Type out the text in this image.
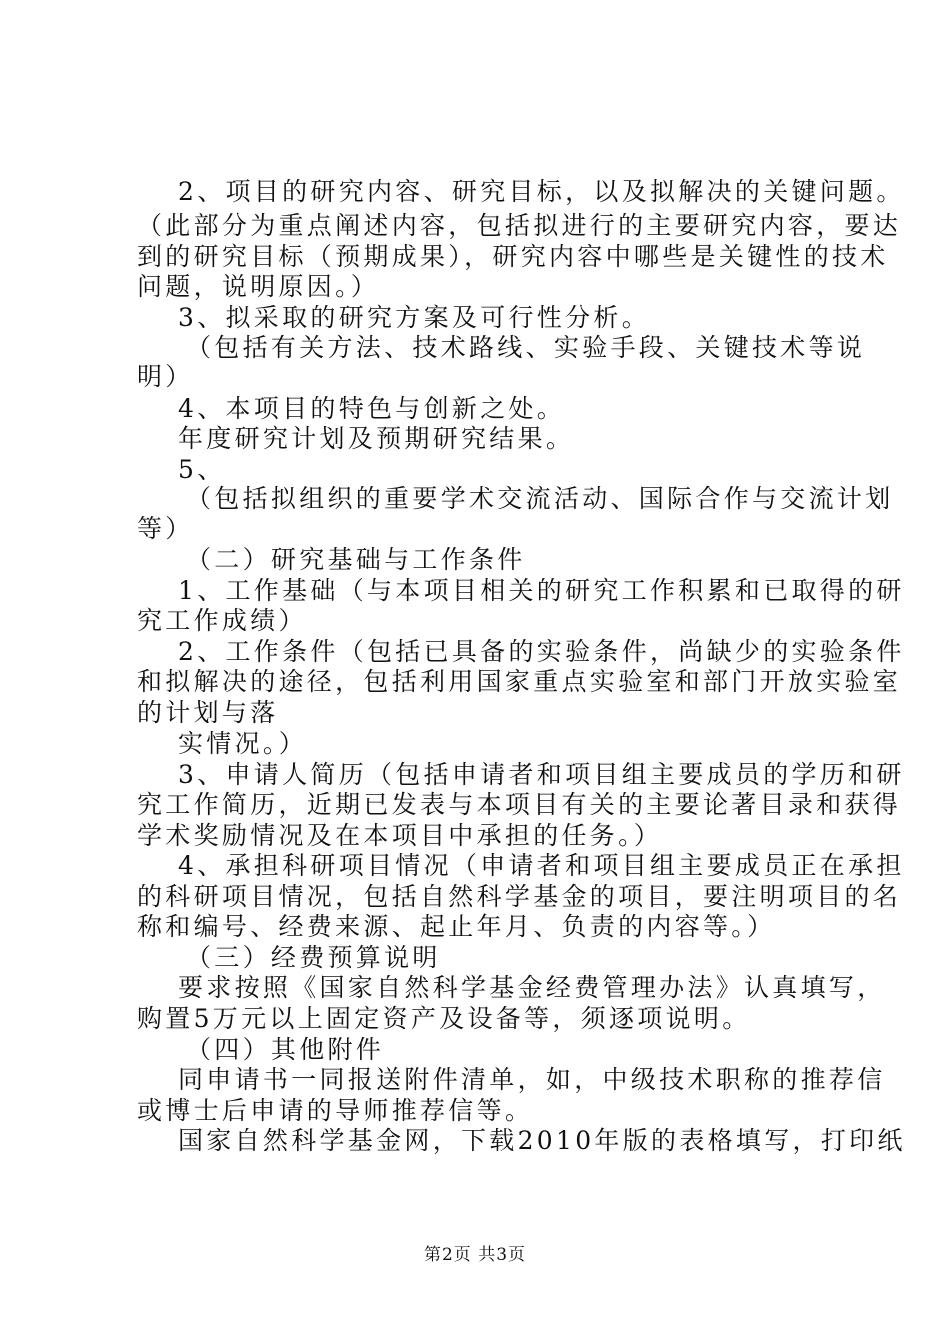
2、项目的研究内容、研究目标，以及拟解决的关键问题。
（此部分为重点阐述内容，包括拟进行的主要研究内容，要达
到的研究目标（预期成果），研究内容中哪些是关键性的技术
问题，说明原因。）
3、拟采取的研究方案及可行性分析。
（包括有关方法、技术路线、实验手段、关键技术等说
明）
4、本项目的特色与创新之处。
年度研究计划及预期研究结果。
5、
（包括拟组织的重要学术交流活动、国际合作与交流计划
等）
（二）研究基础与工作条件
1、工作基础（与本项目相关的研究工作积累和已取得的研
究工作成绩）
2、工作条件（包括已具备的实验条件，尚缺少的实验条件
和拟解决的途径，包括利用国家重点实验室和部门开放实验室
的计划与落
实情况。）
3、申请人简历（包括申请者和项目组主要成员的学历和研
究工作简历，近期已发表与本项目有关的主要论著目录和获得
学术奖励情况及在本项目中承担的任务。）
4、承担科研项目情况（申请者和项目组主要成员正在承担
的科研项目情况，包括自然科学基金的项目，要注明项目的名
称和编号、经费来源、起止年月、负责的内容等。）
（三）经费预算说明
要求按照《国家自然科学基金经费管理办法》认真填写，
购置5万元以上固定资产及设备等，须逐项说明。
（四）其他附件
同申请书一同报送附件清单，如，中级技术职称的推荐信
或博士后申请的导师推荐信等。
国家自然科学基金网，下载2010年版的表格填写，打印纸
第2页 共3页
